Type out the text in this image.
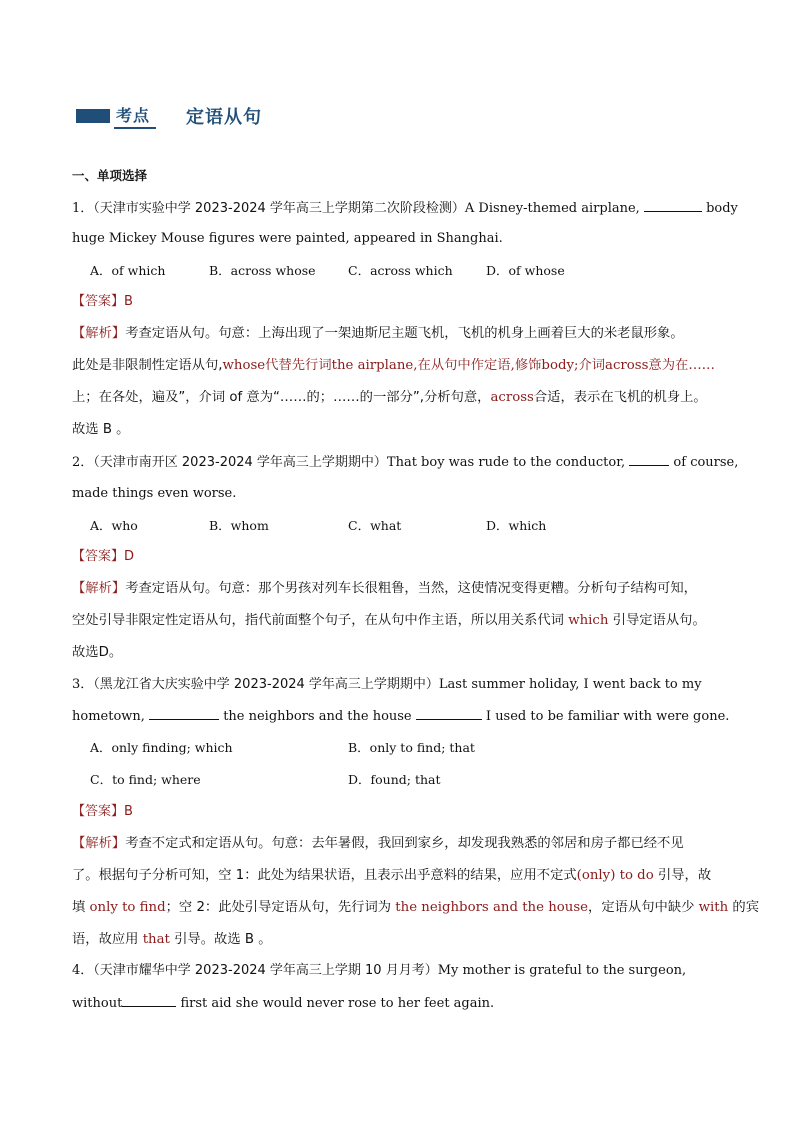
考点	定语从句
一、单项选择
1．（天津市实验中学 2023-2024 学年高三上学期第二次阶段检测）A Disney-themed airplane,	body
huge Mickey Mouse figures were painted, appeared in Shanghai.
A．of which	B．across whose	C．across which	D．of whose
【答案】B
【解析】考查定语从句。句意：上海出现了一架迪斯尼主题飞机，飞机的机身上画着巨大的米老鼠形象。
此处是非限制性定语从句,whose代替先行词the airplane,在从句中作定语,修饰body;介词across意为在……
上；在各处，遍及”，介词 of 意为“……的；……的一部分”,分析句意，across合适，表示在飞机的机身上。
故选 B 。
2．（天津市南开区 2023-2024 学年高三上学期期中）That boy was rude to the conductor,	of course,
made things even worse.
A．who	B．whom	C．what	D．which
【答案】D
【解析】考查定语从句。句意：那个男孩对列车长很粗鲁，当然，这使情况变得更糟。分析句子结构可知，
空处引导非限定性定语从句，指代前面整个句子，在从句中作主语，所以用关系代词 which 引导定语从句。
故选D。
3．（黑龙江省大庆实验中学 2023-2024 学年高三上学期期中）Last summer holiday, I went back to my
hometown,	the neighbors and the house	I used to be familiar with were gone.
A．only finding; which	B．only to find; that
C．to find; where	D．found; that
【答案】B
【解析】考查不定式和定语从句。句意：去年暑假，我回到家乡，却发现我熟悉的邻居和房子都已经不见
了。根据句子分析可知，空 1：此处为结果状语，且表示出乎意料的结果，应用不定式(only) to do 引导，故
填 only to find；空 2：此处引导定语从句，先行词为 the neighbors and the house，定语从句中缺少 with 的宾
语，故应用 that 引导。故选 B 。
4．（天津市耀华中学 2023-2024 学年高三上学期 10 月月考）My mother is grateful to the surgeon,
without	first aid she would never rose to her feet again.
